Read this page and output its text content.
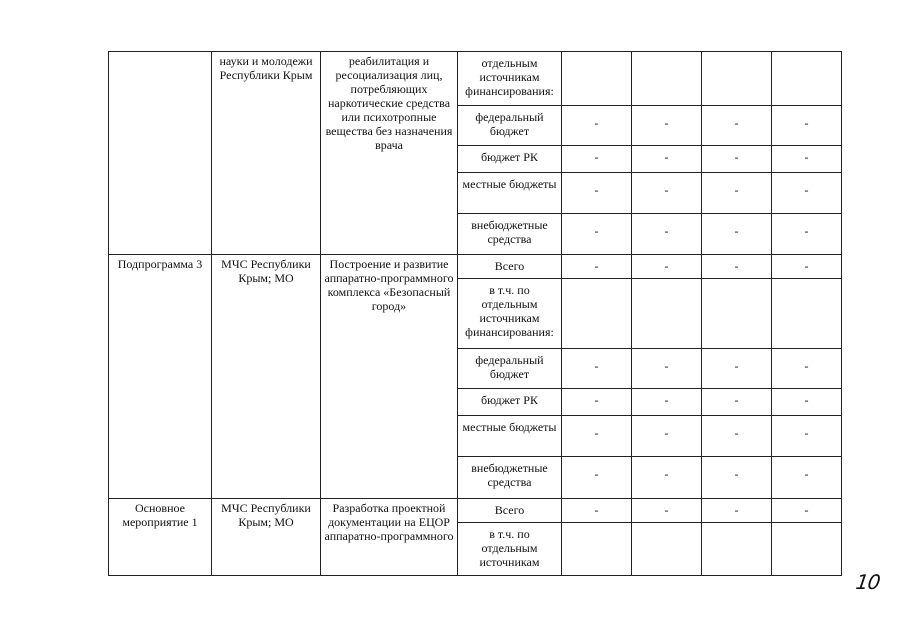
	науки и молодежи Республики Крым	реабилитация и ресоциализация лиц, потребляющих наркотические средства или психотропные вещества без назначения врача	отдельным источникам финансирования:				
			федеральный бюджет	-	-	-	-
			бюджет РК	-	-	-	-
			местные бюджеты	-	-	-	-
			внебюджетные средства	-	-	-	-
Подпрограмма 3	МЧС Республики Крым; МО	Построение и развитие аппаратно-программного комплекса «Безопасный город»	Всего	-	-	-	-
			в т.ч. по отдельным источникам финансирования:				
			федеральный бюджет	-	-	-	-
			бюджет РК	-	-	-	-
			местные бюджеты	-	-	-	-
			внебюджетные средства	-	-	-	-
Основное мероприятие 1	МЧС Республики Крым; МО	Разработка проектной документации на ЕЦОР аппаратно-программного	Всего	-	-	-	-
			в т.ч. по отдельным источникам				
10
